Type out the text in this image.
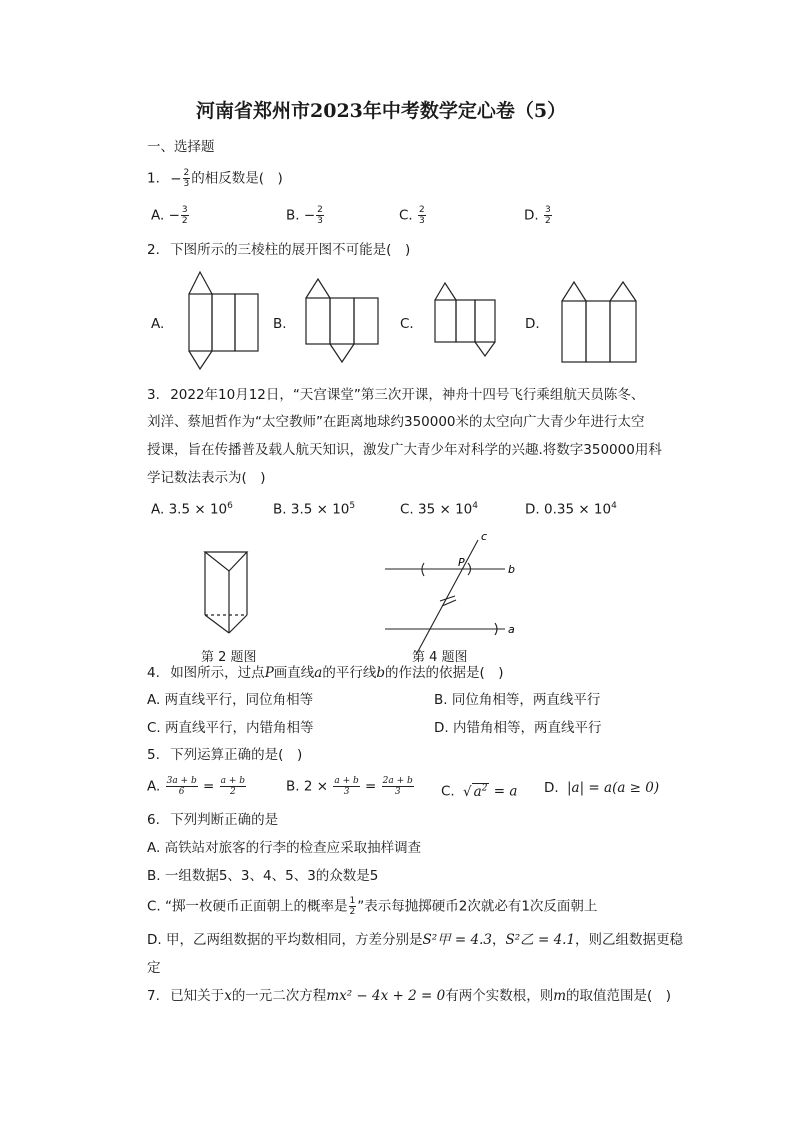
河南省郑州市2023年中考数学定心卷（5）
一、选择题
1. − $\frac{2}{3}$ 的相反数是(　)
A. − $\frac{3}{2}$	B. − $\frac{2}{3}$	C. $\frac{2}{3}$	D. $\frac{3}{2}$
2. 下图所示的三棱柱的展开图不可能是(　)
A.	B.	C.	D.
3. 2022年10月12日，“天宫课堂”第三次开课，神舟十四号飞行乘组航天员陈冬、
刘洋、蔡旭哲作为“太空教师”在距离地球约350000米的太空向广大青少年进行太空
授课，旨在传播普及载人航天知识，激发广大青少年对科学的兴趣.将数字350000用科
学记数法表示为(　)
A. $3.5 \times 10^6$	B. $3.5 \times 10^5$	C. $35 \times 10^4$	D. $0.35 \times 10^4$
c
P
b
a
第 2 题图	第 4 题图
4. 如图所示，过点P画直线a的平行线b的作法的依据是(　)
A. 两直线平行，同位角相等	B. 同位角相等，两直线平行
C. 两直线平行，内错角相等	D. 内错角相等，两直线平行
5. 下列运算正确的是(　)
A. $\frac{3a + b}{6} = \frac{a + b}{2}$	B. $2 \times \frac{a + b}{3} = \frac{2a + b}{3} C$. √ $a^2 = a$ D. |a| = a(a ≥ 0)
6. 下列判断正确的是
A. 高铁站对旅客的行李的检查应采取抽样调查
B. 一组数据5、3、4、5、3的众数是5
C. “掷一枚硬币正面朝上的概率是 $\frac{1}{2}$ ”表示每抛掷硬币2次就必有1次反面朝上
D. 甲，乙两组数据的平均数相同，方差分别是S²甲 = 4.3，S²乙 = 4.1，则乙组数据更稳
定
7. 已知关于x的一元二次方程mx² − 4x + 2 = 0有两个实数根，则m的取值范围是(　)
